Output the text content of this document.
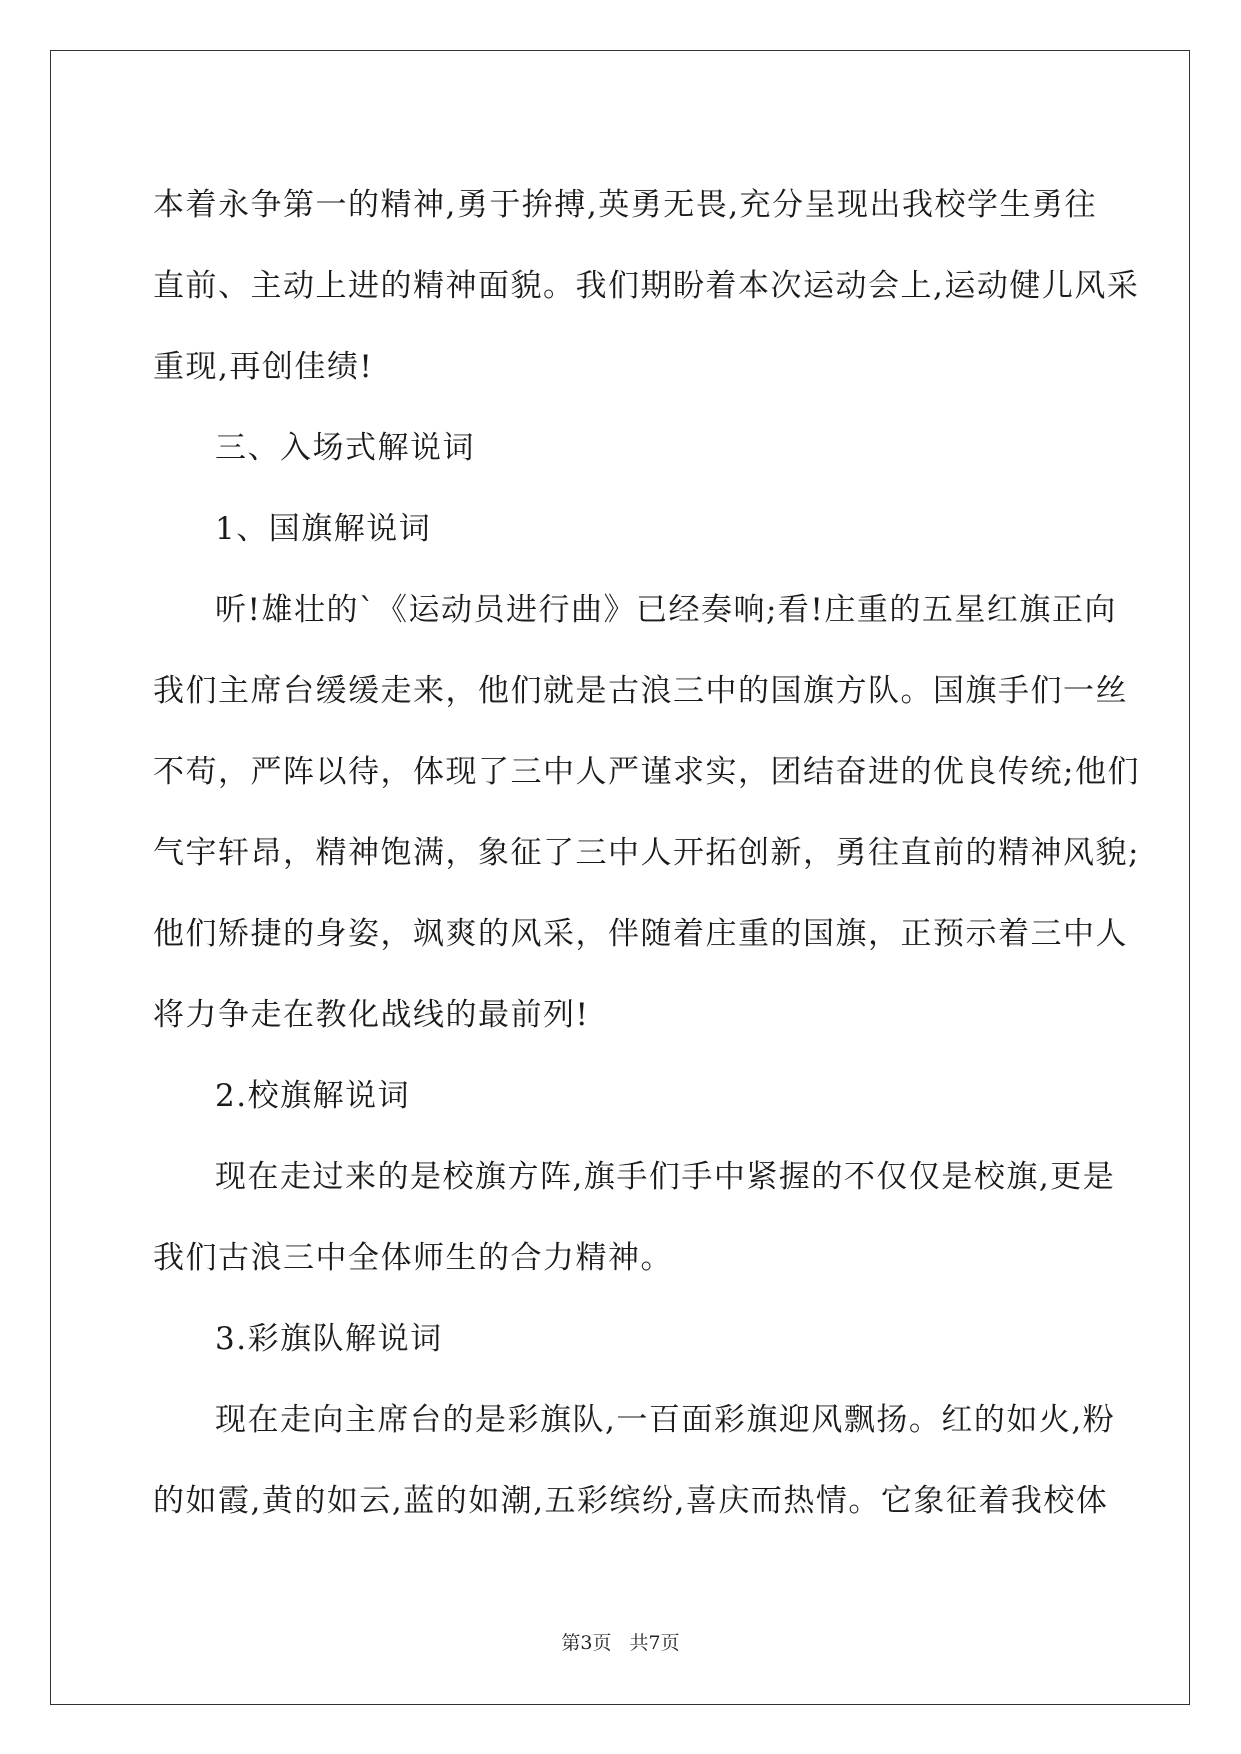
本着永争第一的精神,勇于拚搏,英勇无畏,充分呈现出我校学生勇往

直前、主动上进的精神面貌。我们期盼着本次运动会上,运动健儿风采

重现,再创佳绩!

三、入场式解说词

1、国旗解说词

听!雄壮的`《运动员进行曲》已经奏响;看!庄重的五星红旗正向

我们主席台缓缓走来，他们就是古浪三中的国旗方队。国旗手们一丝

不苟，严阵以待，体现了三中人严谨求实，团结奋进的优良传统;他们

气宇轩昂，精神饱满，象征了三中人开拓创新，勇往直前的精神风貌;

他们矫捷的身姿，飒爽的风采，伴随着庄重的国旗，正预示着三中人

将力争走在教化战线的最前列!

2.校旗解说词

现在走过来的是校旗方阵,旗手们手中紧握的不仅仅是校旗,更是

我们古浪三中全体师生的合力精神。

3.彩旗队解说词

现在走向主席台的是彩旗队,一百面彩旗迎风飘扬。红的如火,粉

的如霞,黄的如云,蓝的如潮,五彩缤纷,喜庆而热情。它象征着我校体

第3页 共7页
